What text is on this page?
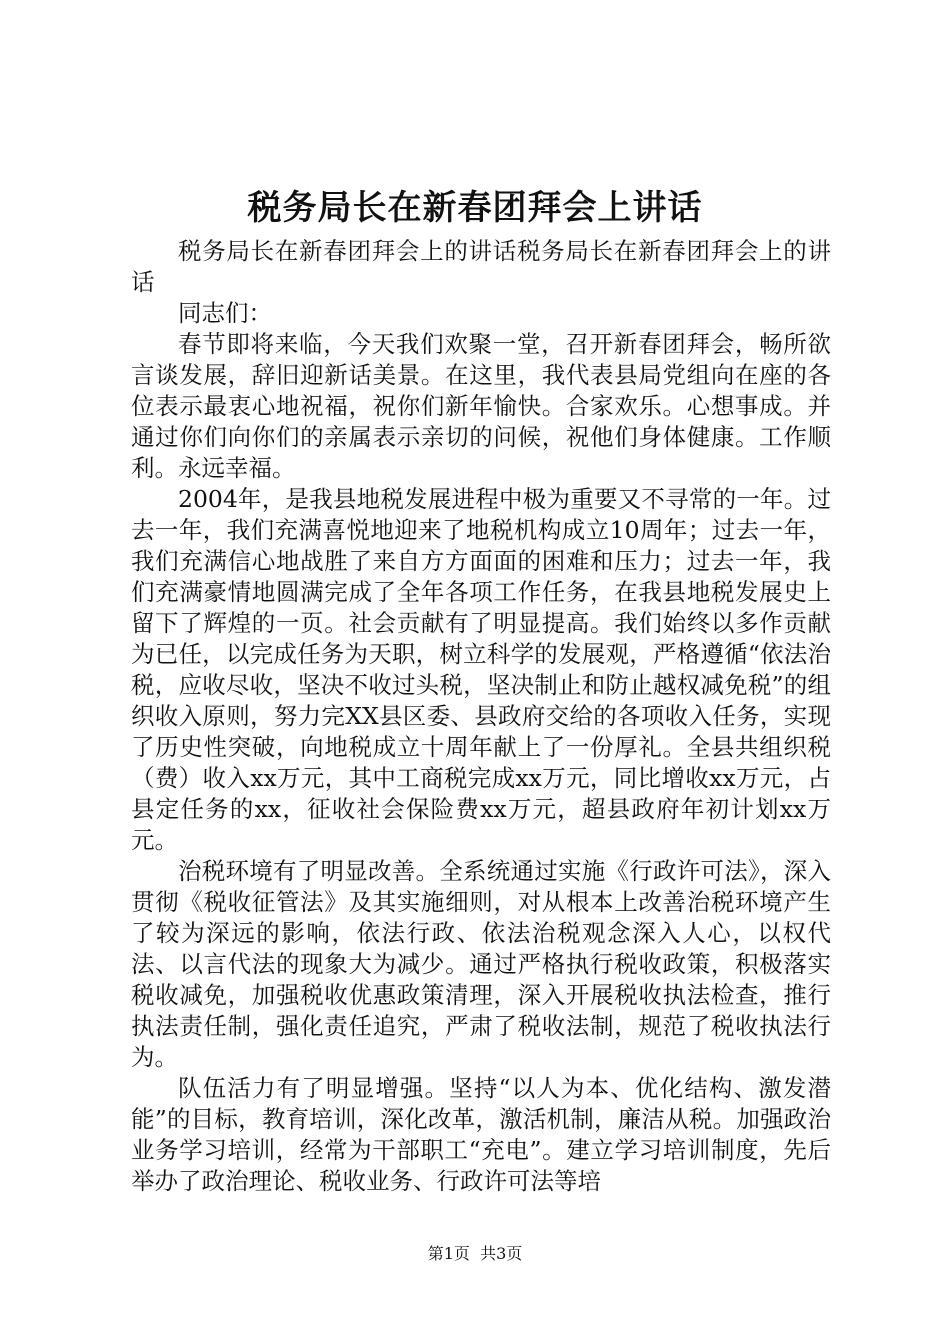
税务局长在新春团拜会上讲话

税务局长在新春团拜会上的讲话税务局长在新春团拜会上的讲话

同志们：

春节即将来临，今天我们欢聚一堂，召开新春团拜会，畅所欲言谈发展，辞旧迎新话美景。在这里，我代表县局党组向在座的各位表示最衷心地祝福，祝你们新年愉快。合家欢乐。心想事成。并通过你们向你们的亲属表示亲切的问候，祝他们身体健康。工作顺利。永远幸福。

2004年，是我县地税发展进程中极为重要又不寻常的一年。过去一年，我们充满喜悦地迎来了地税机构成立10周年；过去一年，我们充满信心地战胜了来自方方面面的困难和压力；过去一年，我们充满豪情地圆满完成了全年各项工作任务，在我县地税发展史上留下了辉煌的一页。社会贡献有了明显提高。我们始终以多作贡献为已任，以完成任务为天职，树立科学的发展观，严格遵循“依法治税，应收尽收，坚决不收过头税，坚决制止和防止越权减免税”的组织收入原则，努力完XX县区委、县政府交给的各项收入任务，实现了历史性突破，向地税成立十周年献上了一份厚礼。全县共组织税（费）收入xx万元，其中工商税完成xx万元，同比增收xx万元，占县定任务的xx，征收社会保险费xx万元，超县政府年初计划xx万元。

治税环境有了明显改善。全系统通过实施《行政许可法》，深入贯彻《税收征管法》及其实施细则，对从根本上改善治税环境产生了较为深远的影响，依法行政、依法治税观念深入人心，以权代法、以言代法的现象大为减少。通过严格执行税收政策，积极落实税收减免，加强税收优惠政策清理，深入开展税收执法检查，推行执法责任制，强化责任追究，严肃了税收法制，规范了税收执法行为。

队伍活力有了明显增强。坚持“以人为本、优化结构、激发潜能”的目标，教育培训，深化改革，激活机制，廉洁从税。加强政治业务学习培训，经常为干部职工“充电”。建立学习培训制度，先后举办了政治理论、税收业务、行政许可法等培

第1页 共3页
